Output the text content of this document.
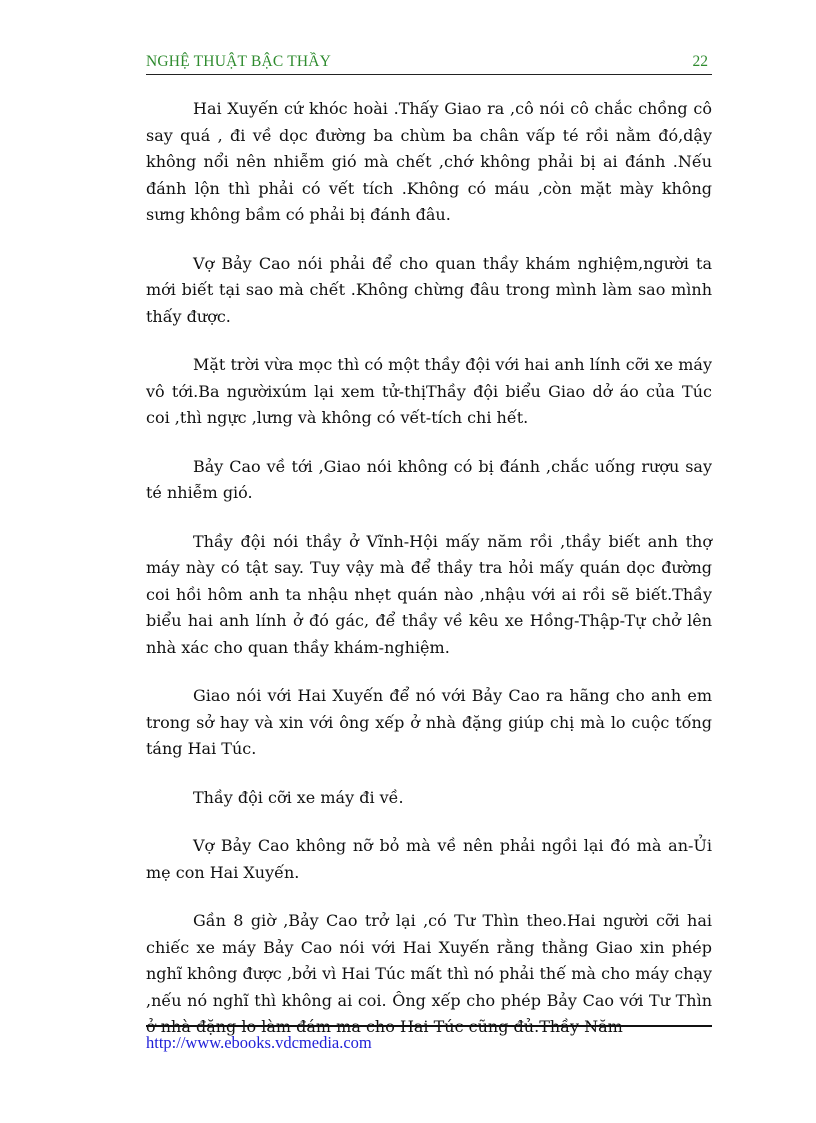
NGHỆ THUẬT BẬC THẦY	22

Hai Xuyến cứ khóc hoài .Thấy Giao ra ,cô nói cô chắc chồng cô say quá , đi về dọc đường ba chùm ba chân vấp té rồi nằm đó,dậy không nổi nên nhiễm gió mà chết ,chớ không phải bị ai đánh .Nếu đánh lộn thì phải có vết tích .Không có máu ,còn mặt mày không sưng không bầm có phải bị đánh đâu.

Vợ Bảy Cao nói phải để cho quan thầy khám nghiệm,người ta mới biết tại sao mà chết .Không chừng đâu trong mình làm sao mình thấy được.

Mặt trời vừa mọc thì có một thầy đội với hai anh lính cỡi xe máy vô tới.Ba ngườixúm lại xem tử-thịThầy đội biểu Giao dở áo của Túc coi ,thì ngực ,lưng và không có vết-tích chi hết.

Bảy Cao về tới ,Giao nói không có bị đánh ,chắc uống rượu say té nhiễm gió.

Thầy đội nói thầy ở Vĩnh-Hội mấy năm rồi ,thầy biết anh thợ máy này có tật say. Tuy vậy mà để thầy tra hỏi mấy quán dọc đường coi hồi hôm anh ta nhậu nhẹt quán nào ,nhậu với ai rồi sẽ biết.Thầy biểu hai anh lính ở đó gác, để thầy về kêu xe Hồng-Thập-Tự chở lên nhà xác cho quan thầy khám-nghiệm.

Giao nói với Hai Xuyến để nó với Bảy Cao ra hãng cho anh em trong sở hay và xin với ông xếp ở nhà đặng giúp chị mà lo cuộc tống táng Hai Túc.

Thầy đội cỡi xe máy đi về.

Vợ Bảy Cao không nỡ bỏ mà về nên phải ngồi lại đó mà an-Ủi mẹ con Hai Xuyến.

Gần 8 giờ ,Bảy Cao trở lại ,có Tư Thìn theo.Hai người cỡi hai chiếc xe máy Bảy Cao nói với Hai Xuyến rằng thằng Giao xin phép nghĩ không được ,bởi vì Hai Túc mất thì nó phải thế mà cho máy chạy ,nếu nó nghĩ thì không ai coi. Ông xếp cho phép Bảy Cao với Tư Thìn ở nhà đặng lo làm đám ma cho Hai Túc cũng đủ.Thầy Năm

http://www.ebooks.vdcmedia.com
